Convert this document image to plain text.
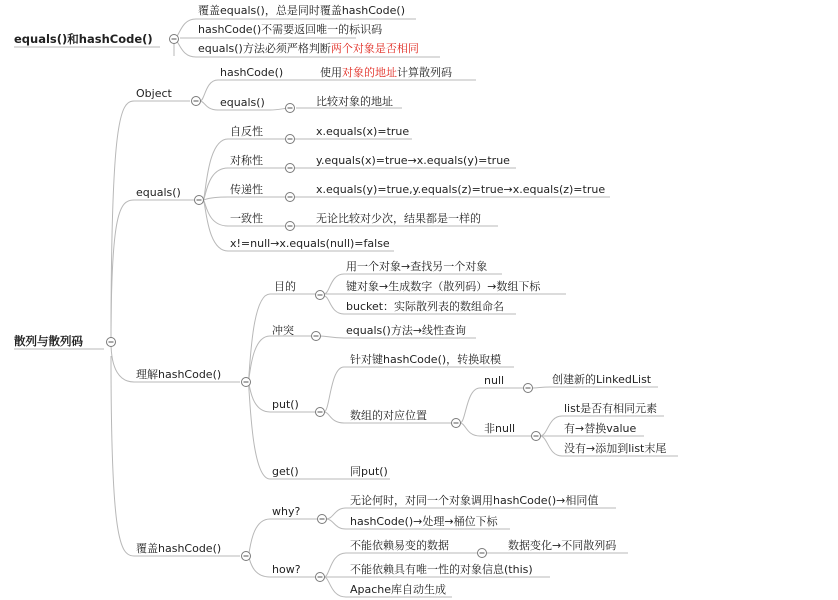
equals()和hashCode()
散列与散列码
覆盖equals()，总是同时覆盖hashCode()
hashCode()不需要返回唯一的标识码
equals()方法必须严格判断两个对象是否相同
Object
hashCode()	使用对象的地址计算散列码
equals()	比较对象的地址
equals()
自反性	x.equals(x)=true
对称性	y.equals(x)=true→x.equals(y)=true
传递性	x.equals(y)=true,y.equals(z)=true→x.equals(z)=true
一致性	无论比较对少次，结果都是一样的
x!=null→x.equals(null)=false
理解hashCode()
目的
用一个对象→查找另一个对象
键对象→生成数字（散列码）→数组下标
bucket：实际散列表的数组命名
冲突	equals()方法→线性查询
put()
针对键hashCode()，转换取模
数组的对应位置
null	创建新的LinkedList
非null
list是否有相同元素
有→替换value
没有→添加到list末尾
get()	同put()
覆盖hashCode()
why?
无论何时，对同一个对象调用hashCode()→相同值
hashCode()→处理→桶位下标
how?
不能依赖易变的数据	数据变化→不同散列码
不能依赖具有唯一性的对象信息(this)
Apache库自动生成
